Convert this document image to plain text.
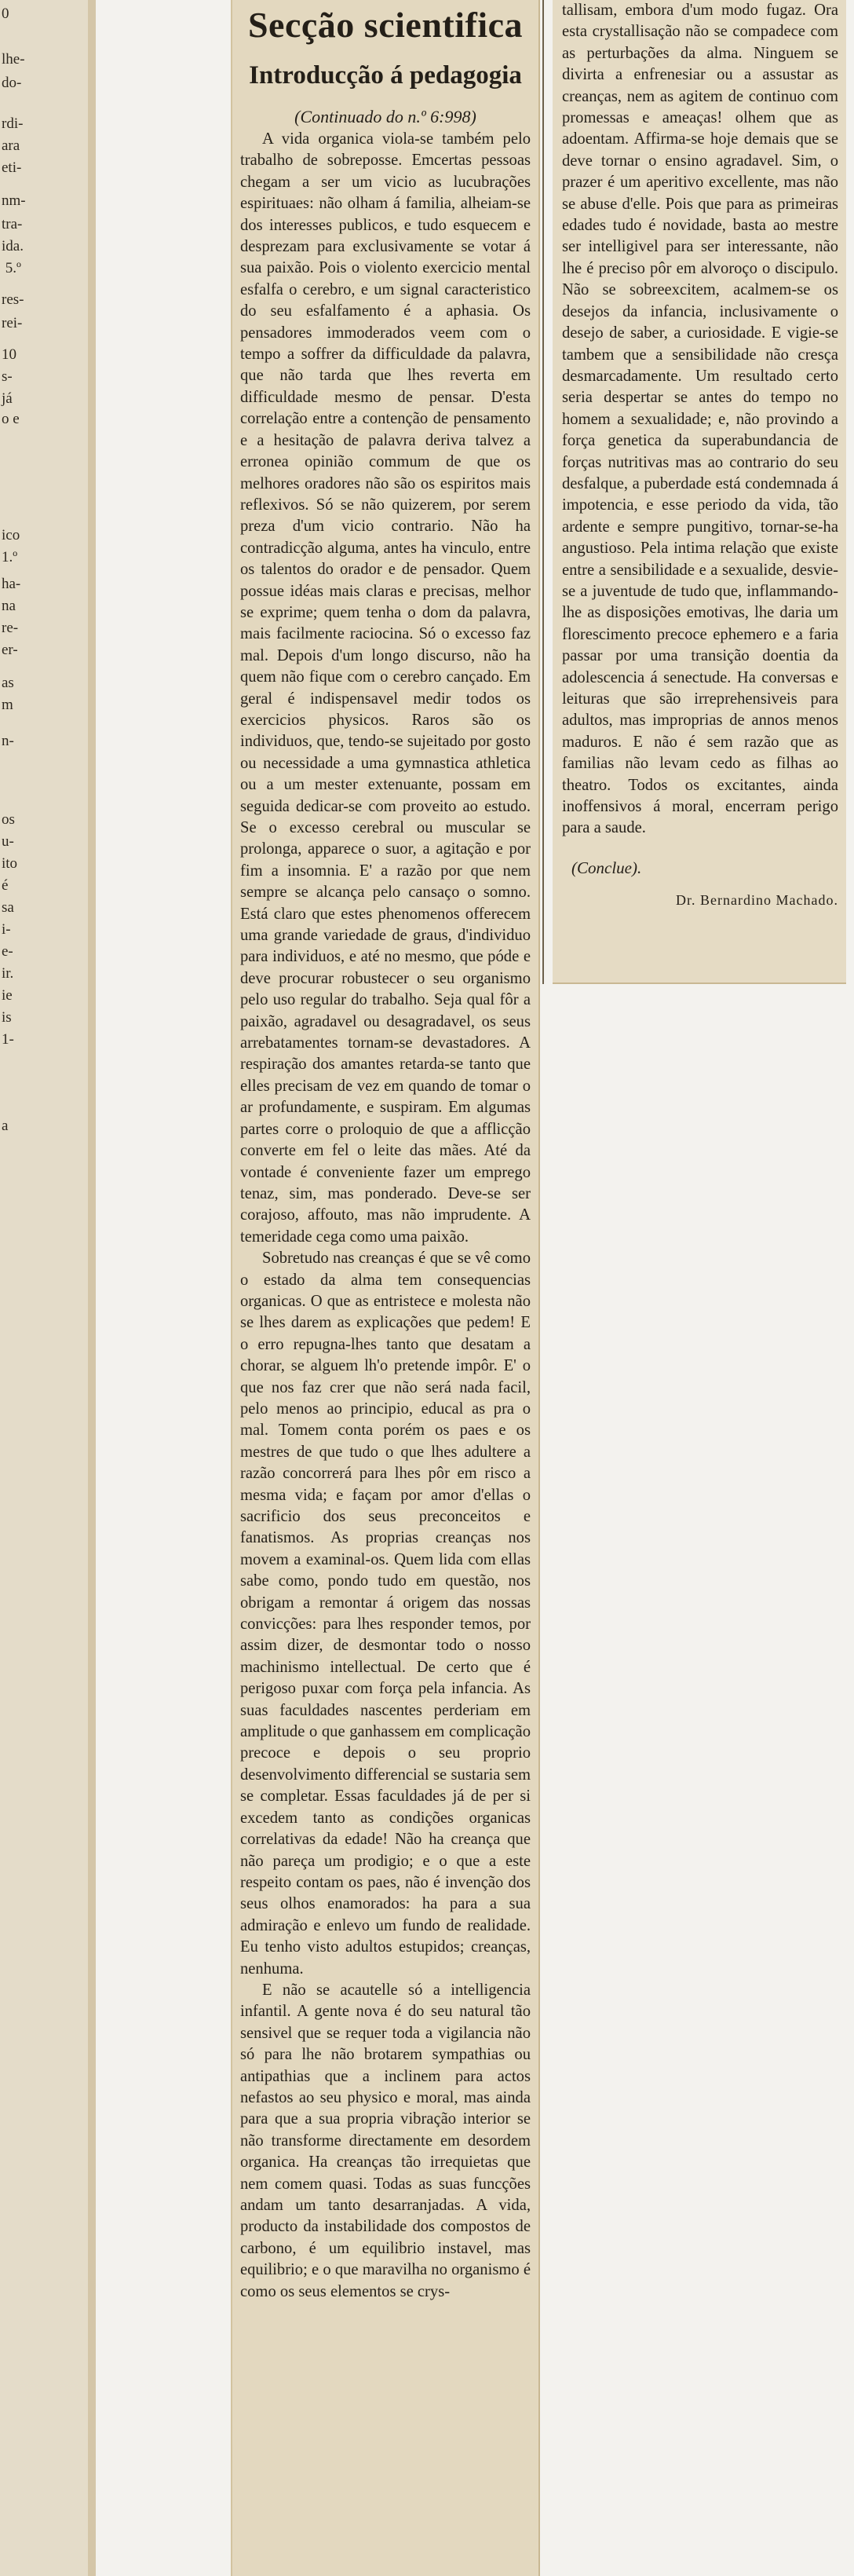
0
lhe-
do-
rdi-
ara
eti-
nm-
tra-
ida.
5.º
res-
rei-
10
s-
já
o e
ico
1.º
ha-
na
re-
er-
as
m
n-
os
u-
ito
é
sa
i-
e-
ir.
ie
is
1-
a
Secção scientifica
Introducção á pedagogia

(Continuado do n.º 6:998)

A vida organica viola-se também pelo trabalho de sobreposse. Emcertas pessoas chegam a ser um vicio as lucubrações espirituaes: não olham á familia, alheiam-se dos interesses publicos, e tudo esquecem e desprezam para exclusivamente se votar á sua paixão. Pois o violento exercicio mental esfalfa o cerebro, e um signal caracteristico do seu esfalfamento é a aphasia. Os pensadores immoderados veem com o tempo a soffrer da difficuldade da palavra, que não tarda que lhes reverta em difficuldade mesmo de pensar. D'esta correlação entre a contenção de pensamento e a hesitação de palavra deriva talvez a erronea opinião commum de que os melhores oradores não são os espiritos mais reflexivos. Só se não quizerem, por serem preza d'um vicio contrario. Não ha contradicção alguma, antes ha vinculo, entre os talentos do orador e de pensador. Quem possue idéas mais claras e precisas, melhor se exprime; quem tenha o dom da palavra, mais facilmente raciocina. Só o excesso faz mal. Depois d'um longo discurso, não ha quem não fique com o cerebro cançado. Em geral é indispensavel medir todos os exercicios physicos. Raros são os individuos, que, tendo-se sujeitado por gosto ou necessidade a uma gymnastica athletica ou a um mester extenuante, possam em seguida dedicar-se com proveito ao estudo. Se o excesso cerebral ou muscular se prolonga, apparece o suor, a agitação e por fim a insomnia. E' a razão por que nem sempre se alcança pelo cansaço o somno. Está claro que estes phenomenos offerecem uma grande variedade de graus, d'individuo para individuos, e até no mesmo, que póde e deve procurar robustecer o seu organismo pelo uso regular do trabalho. Seja qual fôr a paixão, agradavel ou desagradavel, os seus arrebatamentes tornam-se devastadores. A respiração dos amantes retarda-se tanto que elles precisam de vez em quando de tomar o ar profundamente, e suspiram. Em algumas partes corre o proloquio de que a afflicção converte em fel o leite das mães. Até da vontade é conveniente fazer um emprego tenaz, sim, mas ponderado. Deve-se ser corajoso, affouto, mas não imprudente. A temeridade cega como uma paixão.

Sobretudo nas creanças é que se vê como o estado da alma tem consequencias organicas. O que as entristece e molesta não se lhes darem as explicações que pedem! E o erro repugna-lhes tanto que desatam a chorar, se alguem lh'o pretende impôr. E' o que nos faz crer que não será nada facil, pelo menos ao principio, educal as pra o mal. Tomem conta porém os paes e os mestres de que tudo o que lhes adultere a razão concorrerá para lhes pôr em risco a mesma vida; e façam por amor d'ellas o sacrificio dos seus preconceitos e fanatismos. As proprias creanças nos movem a examinal-os. Quem lida com ellas sabe como, pondo tudo em questão, nos obrigam a remontar á origem das nossas convicções: para lhes responder temos, por assim dizer, de desmontar todo o nosso machinismo intellectual. De certo que é perigoso puxar com força pela infancia. As suas faculdades nascentes perderiam em amplitude o que ganhassem em complicação precoce e depois o seu proprio desenvolvimento differencial se sustaria sem se completar. Essas faculdades já de per si excedem tanto as condições organicas correlativas da edade! Não ha creança que não pareça um prodigio; e o que a este respeito contam os paes, não é invenção dos seus olhos enamorados: ha para a sua admiração e enlevo um fundo de realidade. Eu tenho visto adultos estupidos; creanças, nenhuma.

E não se acautelle só a intelligencia infantil. A gente nova é do seu natural tão sensivel que se requer toda a vigilancia não só para lhe não brotarem sympathias ou antipathias que a inclinem para actos nefastos ao seu physico e moral, mas ainda para que a sua propria vibração interior se não transforme directamente em desordem organica. Ha creanças tão irrequietas que nem comem quasi. Todas as suas funcções andam um tanto desarranjadas. A vida, producto da instabilidade dos compostos de carbono, é um equilibrio instavel, mas equilibrio; e o que maravilha no organismo é como os seus elementos se crys-

tallisam, embora d'um modo fugaz. Ora esta crystallisação não se compadece com as perturbações da alma. Ninguem se divirta a enfrenesiar ou a assustar as creanças, nem as agitem de continuo com promessas e ameaças! olhem que as adoentam. Affirma-se hoje demais que se deve tornar o ensino agradavel. Sim, o prazer é um aperitivo excellente, mas não se abuse d'elle. Pois que para as primeiras edades tudo é novidade, basta ao mestre ser intelligivel para ser interessante, não lhe é preciso pôr em alvoroço o discipulo. Não se sobreexcitem, acalmem-se os desejos da infancia, inclusivamente o desejo de saber, a curiosidade. E vigie-se tambem que a sensibilidade não cresça desmarcadamente. Um resultado certo seria despertar se antes do tempo no homem a sexualidade; e, não provindo a força genetica da superabundancia de forças nutritivas mas ao contrario do seu desfalque, a puberdade está condemnada á impotencia, e esse periodo da vida, tão ardente e sempre pungitivo, tornar-se-ha angustioso. Pela intima relação que existe entre a sensibilidade e a sexualide, desvie-se a juventude de tudo que, inflammando-lhe as disposições emotivas, lhe daria um florescimento precoce ephemero e a faria passar por uma transição doentia da adolescencia á senectude. Ha conversas e leituras que são irreprehensiveis para adultos, mas improprias de annos menos maduros. E não é sem razão que as familias não levam cedo as filhas ao theatro. Todos os excitantes, ainda inoffensivos á moral, encerram perigo para a saude.

(Conclue).

Dr. Bernardino Machado.
